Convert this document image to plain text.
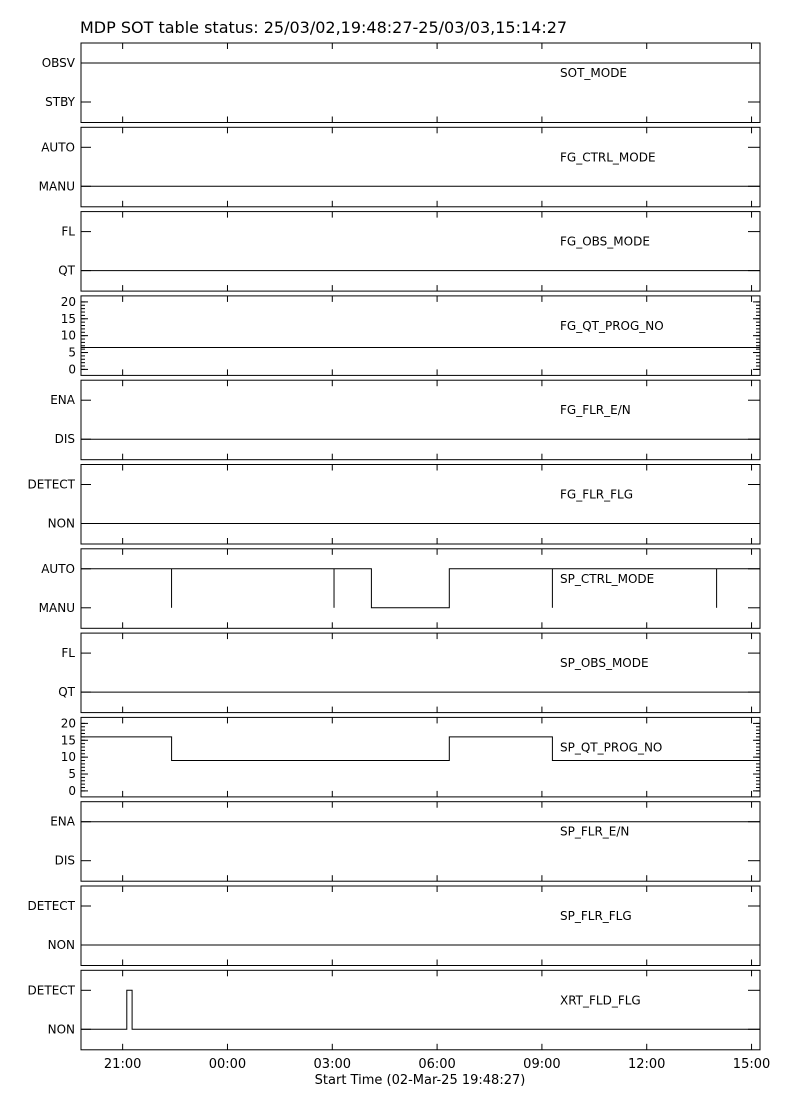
MDP SOT table status: 25/03/02,19:48:27-25/03/03,15:14:27
OBSV
STBY
SOT_MODE
AUTO
MANU
FG_CTRL_MODE
FL
QT
FG_OBS_MODE
20
15
10
5
0
FG_QT_PROG_NO
ENA
DIS
FG_FLR_E/N
DETECT
NON
FG_FLR_FLG
AUTO
MANU
SP_CTRL_MODE
FL
QT
SP_OBS_MODE
20
15
10
5
0
SP_QT_PROG_NO
ENA
DIS
SP_FLR_E/N
DETECT
NON
SP_FLR_FLG
DETECT
NON
XRT_FLD_FLG
21:00	00:00	03:00	06:00	09:00	12:00	15:00
Start Time (02-Mar-25 19:48:27)
